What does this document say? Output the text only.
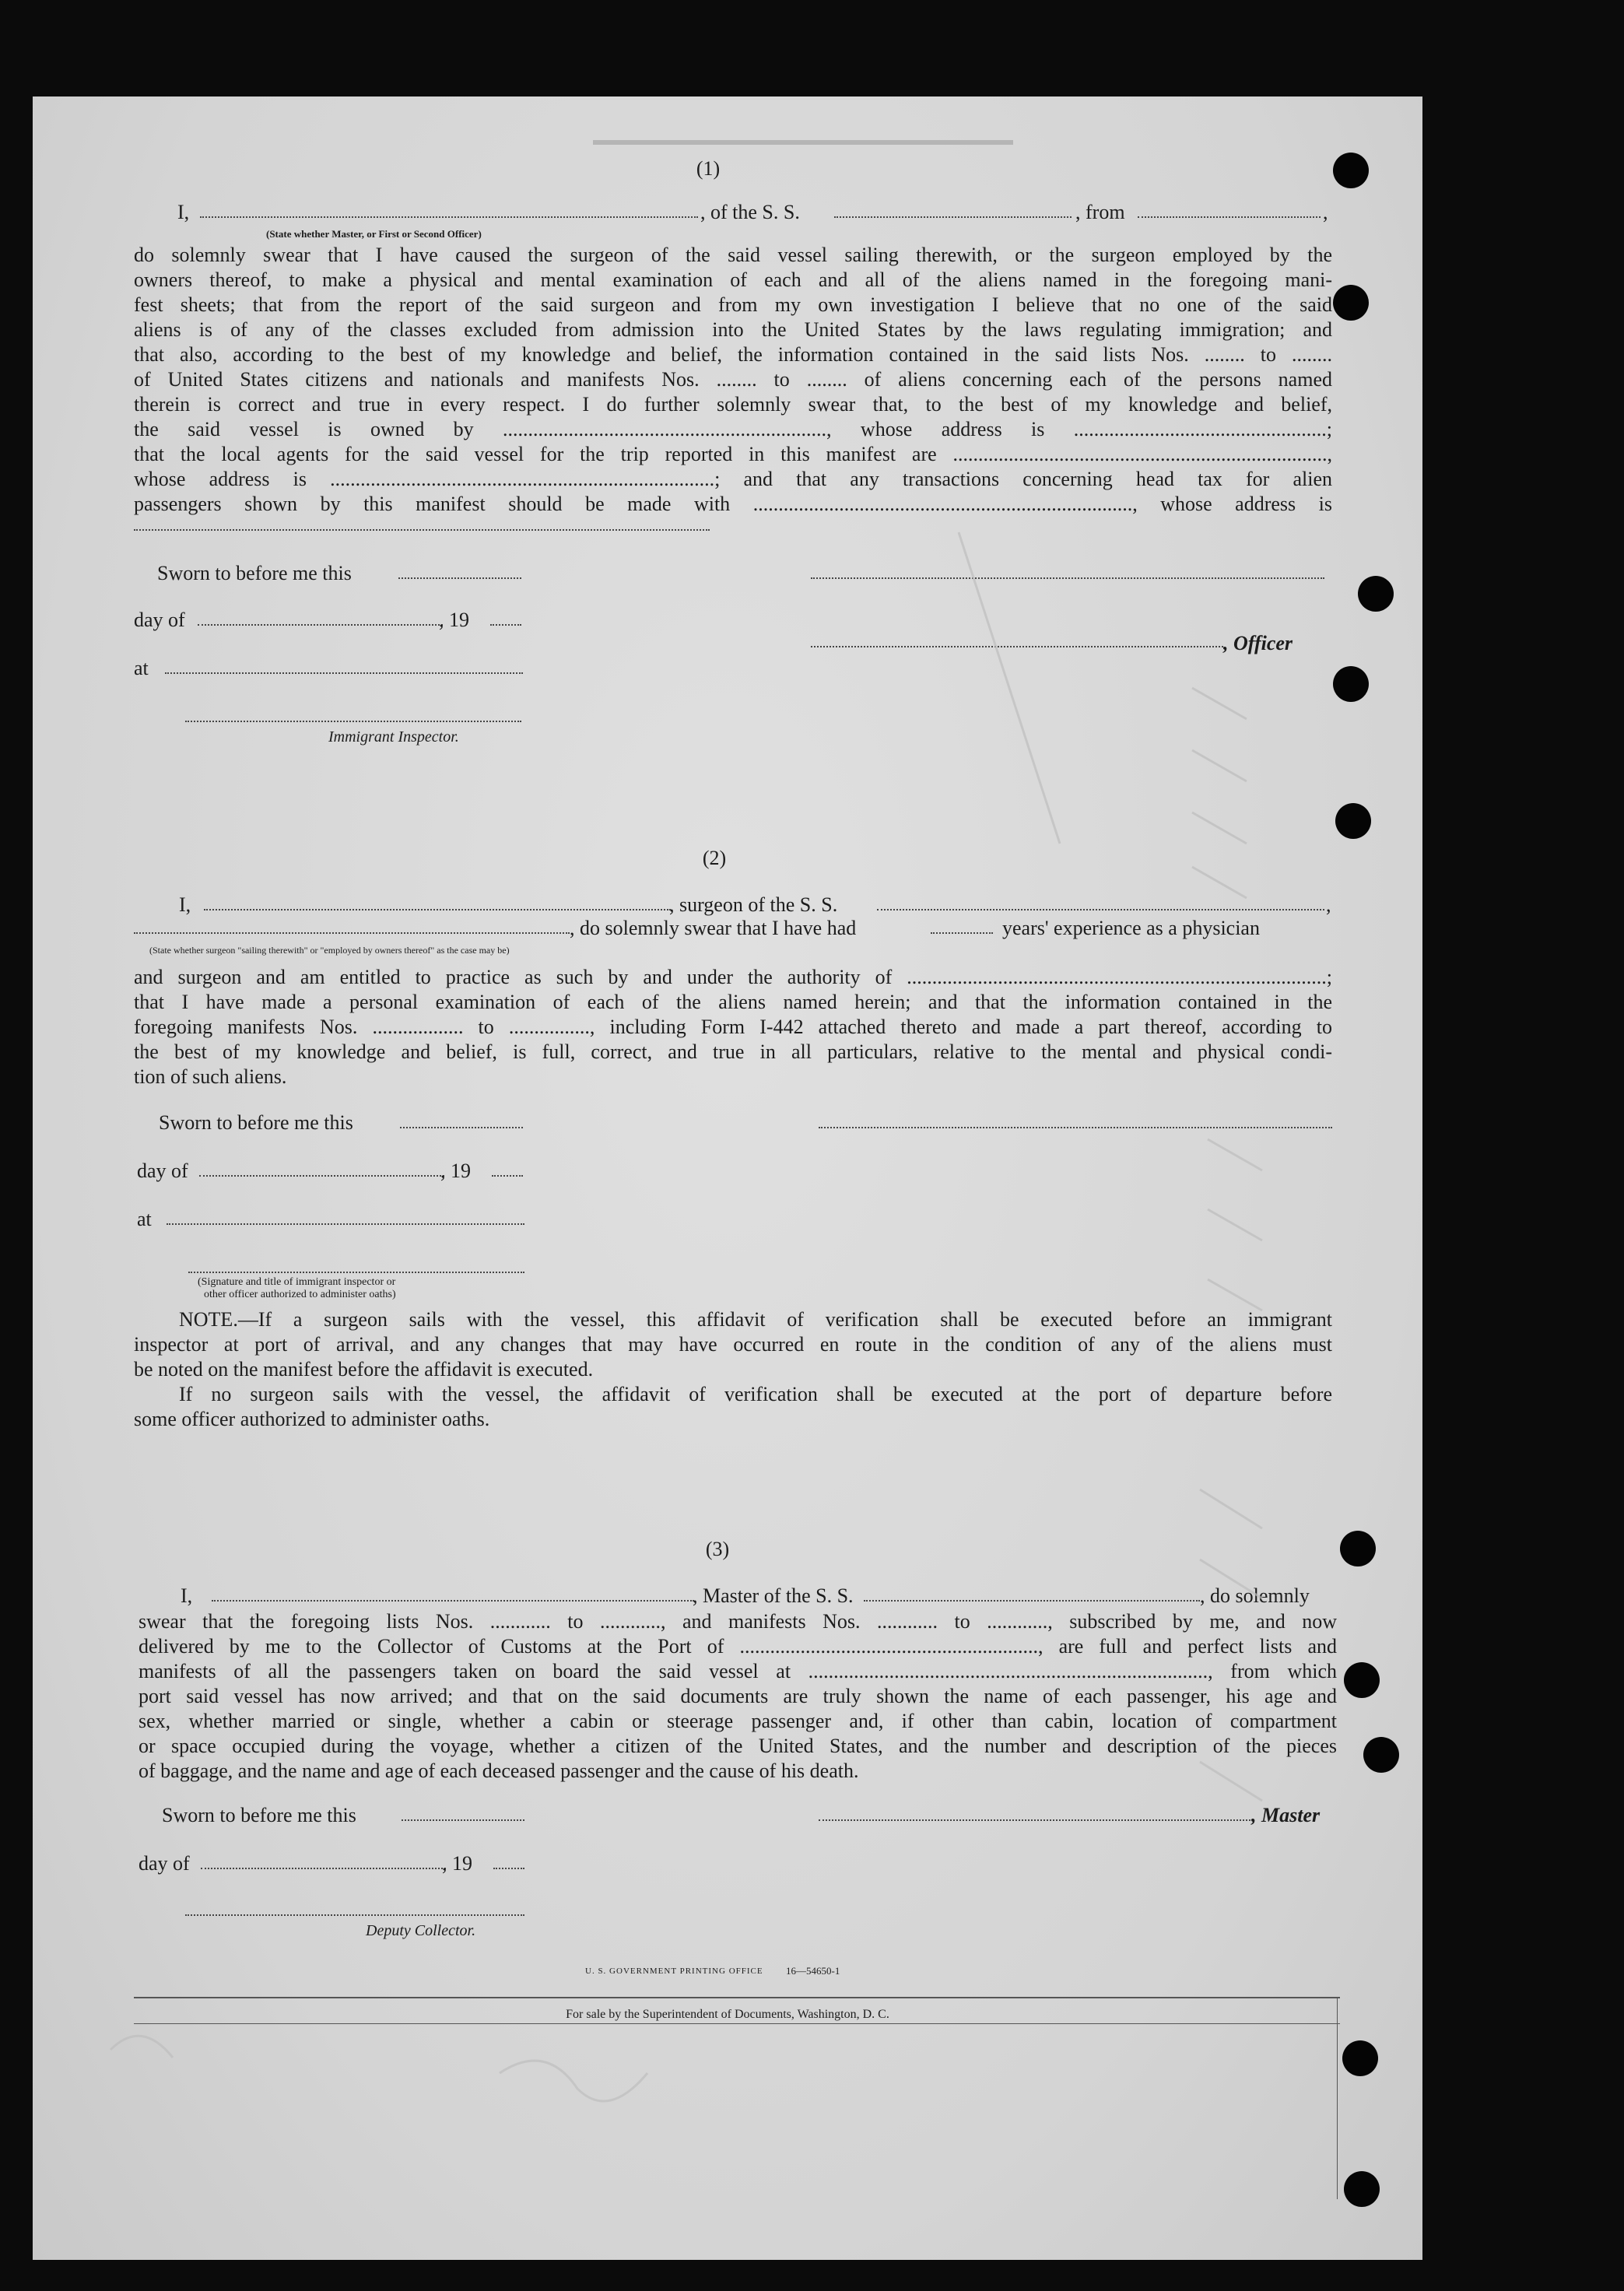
▬▬▬▬▬▬▬▬▬▬▬▬▬▬▬▬▬▬▬▬▬▬▬▬▬▬▬
(1)
I,	, of the S. S.	, from	,
(State whether Master, or First or Second Officer)
do solemnly swear that I have caused the surgeon of the said vessel sailing therewith, or the surgeon employed by the
owners thereof, to make a physical and mental examination of each and all of the aliens named in the foregoing mani-
fest sheets; that from the report of the said surgeon and from my own investigation I believe that no one of the said
aliens is of any of the classes excluded from admission into the United States by the laws regulating immigration; and
that also, according to the best of my knowledge and belief, the information contained in the said lists Nos. ........ to ........
of United States citizens and nationals and manifests Nos. ........ to ........ of aliens concerning each of the persons named
therein is correct and true in every respect. I do further solemnly swear that, to the best of my knowledge and belief,
the said vessel is owned by ................................................................, whose address is ..................................................;
that the local agents for the said vessel for the trip reported in this manifest are ..........................................................................,
whose address is ............................................................................; and that any transactions concerning head tax for alien
passengers shown by this manifest should be made with ..........................................................................., whose address is
Sworn to before me this
day of	, 19
, Officer
at
Immigrant Inspector.
(2)
I,	, surgeon of the S. S.	,
, do solemnly swear that I have had	years' experience as a physician
(State whether surgeon "sailing therewith" or "employed by owners thereof" as the case may be)
and surgeon and am entitled to practice as such by and under the authority of ...................................................................................;
that I have made a personal examination of each of the aliens named herein; and that the information contained in the
foregoing manifests Nos. .................. to ................, including Form I-442 attached thereto and made a part thereof, according to
the best of my knowledge and belief, is full, correct, and true in all particulars, relative to the mental and physical condi-
tion of such aliens.
Sworn to before me this
day of	, 19
at
(Signature and title of immigrant inspector or
other officer authorized to administer oaths)
NOTE.—If a surgeon sails with the vessel, this affidavit of verification shall be executed before an immigrant
inspector at port of arrival, and any changes that may have occurred en route in the condition of any of the aliens must
be noted on the manifest before the affidavit is executed.
If no surgeon sails with the vessel, the affidavit of verification shall be executed at the port of departure before
some officer authorized to administer oaths.
(3)
I,	, Master of the S. S.	, do solemnly
swear that the foregoing lists Nos. ............ to ............, and manifests Nos. ............ to ............, subscribed by me, and now
delivered by me to the Collector of Customs at the Port of ..........................................................., are full and perfect lists and
manifests of all the passengers taken on board the said vessel at ..............................................................................., from which
port said vessel has now arrived; and that on the said documents are truly shown the name of each passenger, his age and
sex, whether married or single, whether a cabin or steerage passenger and, if other than cabin, location of compartment
or space occupied during the voyage, whether a citizen of the United States, and the number and description of the pieces
of baggage, and the name and age of each deceased passenger and the cause of his death.
Sworn to before me this	, Master
day of	, 19
Deputy Collector.
U. S. GOVERNMENT PRINTING OFFICE 16—54650-1
For sale by the Superintendent of Documents, Washington, D. C.
